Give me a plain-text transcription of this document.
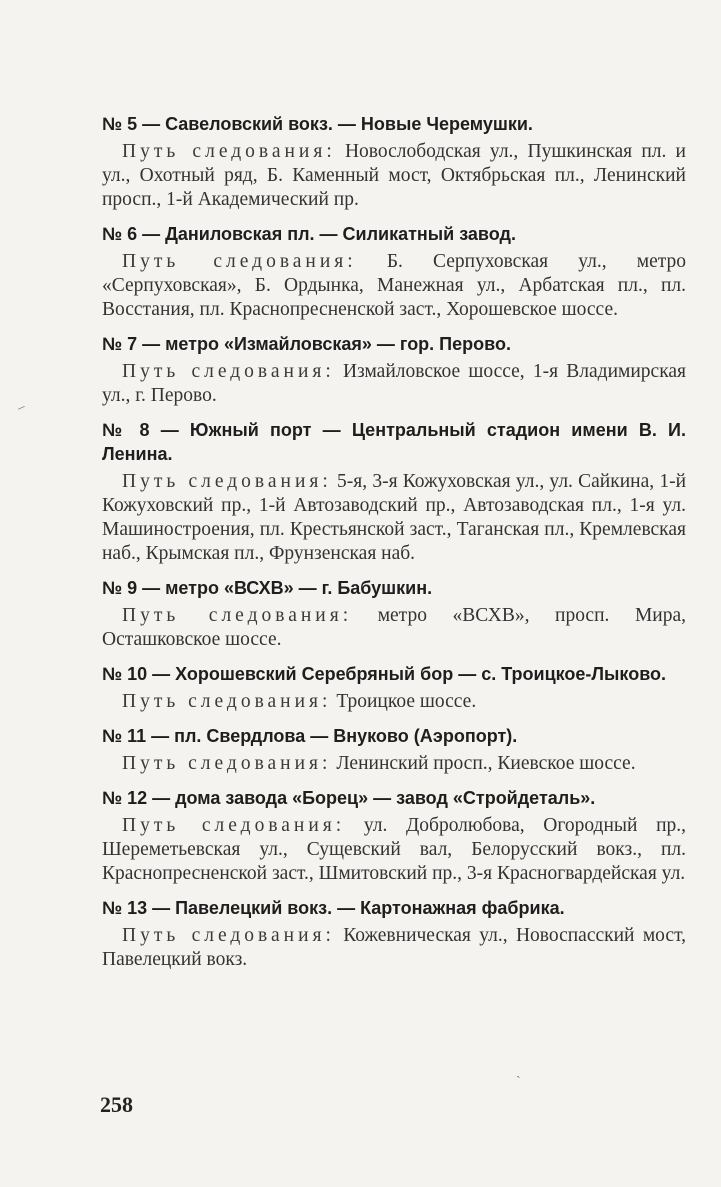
№ 5 — Савеловский вокз. — Новые Черемушки.

Путь следования: Новослободская ул., Пушкинская пл. и ул., Охотный ряд, Б. Каменный мост, Октябрьская пл., Ленинский просп., 1-й Академический пр.

№ 6 — Даниловская пл. — Силикатный завод.

Путь следования: Б. Серпуховская ул., метро «Серпуховская», Б. Ордынка, Манежная ул., Арбатская пл., пл. Восстания, пл. Краснопресненской заст., Хорошевское шоссе.

№ 7 — метро «Измайловская» — гор. Перово.

Путь следования: Измайловское шоссе, 1-я Владимирская ул., г. Перово.

№ 8 — Южный порт — Центральный стадион имени В. И. Ленина.

Путь следования: 5-я, 3-я Кожуховская ул., ул. Сайкина, 1-й Кожуховский пр., 1-й Автозаводский пр., Автозаводская пл., 1-я ул. Машиностроения, пл. Крестьянской заст., Таганская пл., Кремлевская наб., Крымская пл., Фрунзенская наб.

№ 9 — метро «ВСХВ» — г. Бабушкин.

Путь следования: метро «ВСХВ», просп. Мира, Осташковское шоссе.

№ 10 — Хорошевский Серебряный бор — с. Троицкое-Лыково.

Путь следования: Троицкое шоссе.

№ 11 — пл. Свердлова — Внуково (Аэропорт).

Путь следования: Ленинский просп., Киевское шоссе.

№ 12 — дома завода «Борец» — завод «Стройдеталь».

Путь следования: ул. Добролюбова, Огородный пр., Шереметьевская ул., Сущевский вал, Белорусский вокз., пл. Краснопресненской заст., Шмитовский пр., 3-я Красногвардейская ул.

№ 13 — Павелецкий вокз. — Картонажная фабрика.

Путь следования: Кожевническая ул., Новоспасский мост, Павелецкий вокз.

258
‒
ˎ
